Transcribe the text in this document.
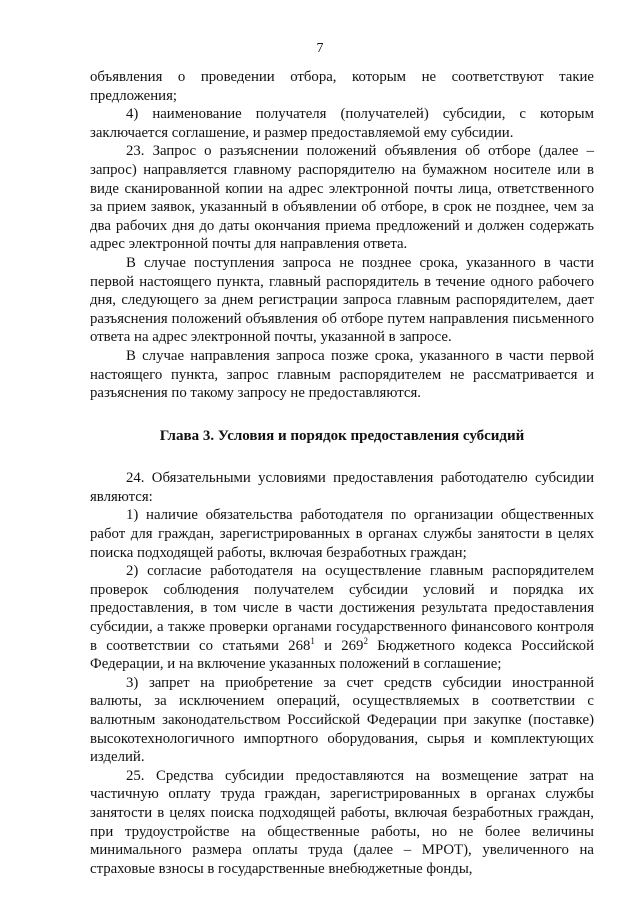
7

объявления о проведении отбора, которым не соответствуют такие предложения;

4) наименование получателя (получателей) субсидии, с которым заключается соглашение, и размер предоставляемой ему субсидии.

23. Запрос о разъяснении положений объявления об отборе (далее – запрос) направляется главному распорядителю на бумажном носителе или в виде сканированной копии на адрес электронной почты лица, ответственного за прием заявок, указанный в объявлении об отборе, в срок не позднее, чем за два рабочих дня до даты окончания приема предложений и должен содержать адрес электронной почты для направления ответа.

В случае поступления запроса не позднее срока, указанного в части первой настоящего пункта, главный распорядитель в течение одного рабочего дня, следующего за днем регистрации запроса главным распорядителем, дает разъяснения положений объявления об отборе путем направления письменного ответа на адрес электронной почты, указанной в запросе.

В случае направления запроса позже срока, указанного в части первой настоящего пункта, запрос главным распорядителем не рассматривается и разъяснения по такому запросу не предоставляются.

Глава 3. Условия и порядок предоставления субсидий

24. Обязательными условиями предоставления работодателю субсидии являются:

1) наличие обязательства работодателя по организации общественных работ для граждан, зарегистрированных в органах службы занятости в целях поиска подходящей работы, включая безработных граждан;

2) согласие работодателя на осуществление главным распорядителем проверок соблюдения получателем субсидии условий и порядка их предоставления, в том числе в части достижения результата предоставления субсидии, а также проверки органами государственного финансового контроля в соответствии со статьями $268^1$ и $269^2$ Бюджетного кодекса Российской Федерации, и на включение указанных положений в соглашение;

3) запрет на приобретение за счет средств субсидии иностранной валюты, за исключением операций, осуществляемых в соответствии с валютным законодательством Российской Федерации при закупке (поставке) высокотехнологичного импортного оборудования, сырья и комплектующих изделий.

25. Средства субсидии предоставляются на возмещение затрат на частичную оплату труда граждан, зарегистрированных в органах службы занятости в целях поиска подходящей работы, включая безработных граждан, при трудоустройстве на общественные работы, но не более величины минимального размера оплаты труда (далее – МРОТ), увеличенного на страховые взносы в государственные внебюджетные фонды,
